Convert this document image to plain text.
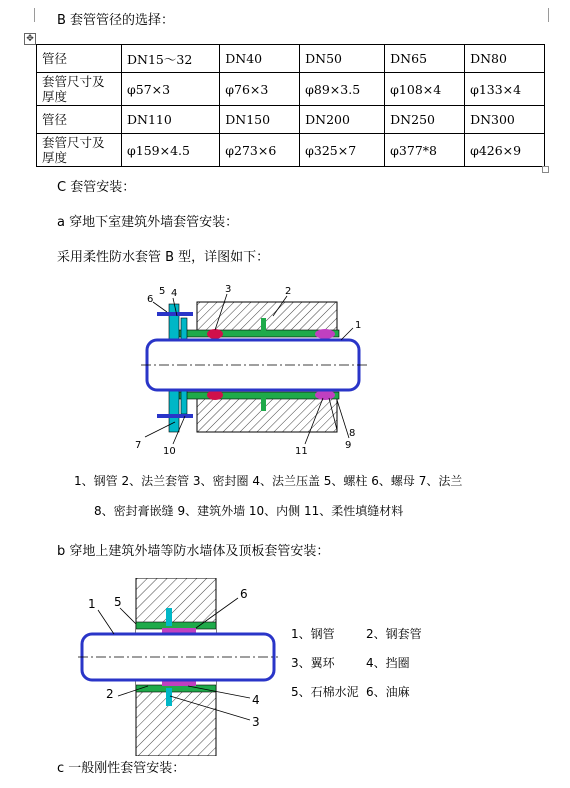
B 套管管径的选择：
✥
管径	DN15～32	DN40	DN50	DN65	DN80
套管尺寸及厚度	φ57×3	φ76×3	φ89×3.5	φ108×4	φ133×4
管径	DN110	DN150	DN200	DN250	DN300
套管尺寸及厚度	φ159×4.5	φ273×6	φ325×7	φ377*8	φ426×9
C 套管安装：
a 穿地下室建筑外墙套管安装：
采用柔性防水套管 B 型，详图如下：
6
5 4	3	2
1
7
10	11
9
8
1、钢管 2、法兰套管 3、密封圈 4、法兰压盖 5、螺柱 6、螺母 7、法兰
8、密封膏嵌缝 9、建筑外墙 10、内侧 11、柔性填缝材料
b 穿地上建筑外墙等防水墙体及顶板套管安装：
1 5
6
2	4
3
1、钢管	2、钢套管
3、翼环	4、挡圈
5、石棉水泥 6、油麻
c 一般刚性套管安装：
